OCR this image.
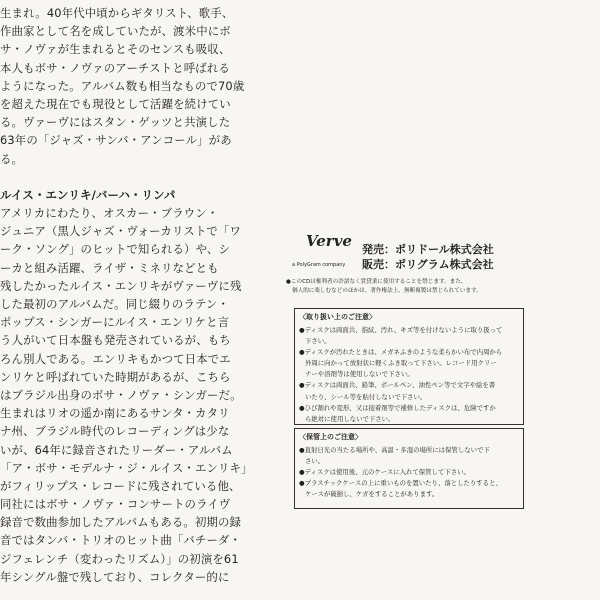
生まれ。40年代中頃からギタリスト、歌手、
作曲家として名を成していたが、渡米中にボ
サ・ノヴァが生まれるとそのセンスも吸収、
本人もボサ・ノヴァのアーチストと呼ばれる
ようになった。アルバム数も相当なもので70歳
を超えた現在でも現役として活躍を続けてい
る。ヴァーヴにはスタン・ゲッツと共演した
63年の「ジャズ・サンバ・アンコール」があ
る。
ルイス・エンリキ/バーハ・リンパ
アメリカにわたり、オスカー・ブラウン・
ジュニア（黒人ジャズ・ヴォーカリストで「ワ
ーク・ソング」のヒットで知られる）や、シ
ーカと組み活躍、ライザ・ミネリなどとも
残したかったルイス・エンリキがヴァーヴに残
した最初のアルバムだ。同じ綴りのラテン・
ポップス・シンガーにルイス・エンリケと言
う人がいて日本盤も発売されているが、もち
ろん別人である。エンリキもかつて日本でエ
ンリケと呼ばれていた時期があるが、こちら
はブラジル出身のボサ・ノヴァ・シンガーだ。
生まれはリオの遥か南にあるサンタ・カタリ
ナ州、ブラジル時代のレコーディングは少な
いが、64年に録音されたリーダー・アルバム
「ア・ボサ・モデルナ・ジ・ルイス・エンリキ」
がフィリップス・レコードに残されている他、
同社にはボサ・ノヴァ・コンサートのライヴ
録音で数曲参加したアルバムもある。初期の録
音ではタンバ・トリオのヒット曲「バチーダ・
ジフェレンチ（変わったリズム）」の初演を61
年シングル盤で残しており、コレクター的に
Verve
a PolyGram company
発売：ポリドール株式会社
販売：ポリグラム株式会社
●このCDは権利者の許諾なく賃貸業に使用することを禁じます。また、
個人的に楽しむなどのほかは、著作権法上、無断複製は禁じられています。
〈取り扱い上のご注意〉
●ディスクは両面共、指紋、汚れ、キズ等を付けないように取り扱って
下さい。
●ディスクが汚れたときは、メガネふきのような柔らかい布で内周から
外周に向かって放射状に軽くふき取って下さい。レコード用クリー
ナーや溶剤等は使用しないで下さい。
●ディスクは両面共、鉛筆、ボールペン、油性ペン等で文字や絵を書
いたり、シール等を貼付しないで下さい。
●ひび割れや変形、又は接着剤等で補修したディスクは、危険ですか
ら絶対に使用しないで下さい。
〈保管上のご注意〉
●直射日光の当たる場所や、高温・多湿の場所には保管しないで下
さい。
●ディスクは使用後、元のケースに入れて保管して下さい。
●プラスチックケースの上に重いものを置いたり、落としたりすると、
ケースが破損し、ケガをすることがあります。
